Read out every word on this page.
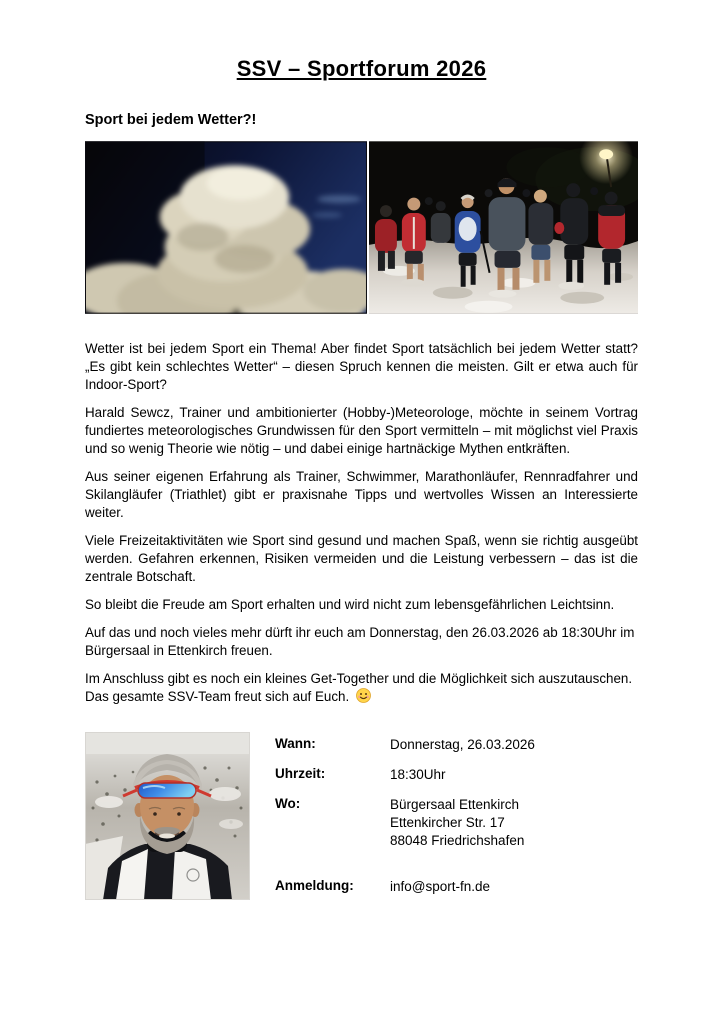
SSV – Sportforum 2026
Sport bei jedem Wetter?!

Wetter ist bei jedem Sport ein Thema! Aber findet Sport tatsächlich bei jedem Wetter statt? „Es gibt kein schlechtes Wetter“ – diesen Spruch kennen die meisten. Gilt er etwa auch für Indoor-Sport?

Harald Sewcz, Trainer und ambitionierter (Hobby-)Meteorologe, möchte in seinem Vortrag fundiertes meteorologisches Grundwissen für den Sport vermitteln – mit möglichst viel Praxis und so wenig Theorie wie nötig – und dabei einige hartnäckige Mythen entkräften.

Aus seiner eigenen Erfahrung als Trainer, Schwimmer, Marathonläufer, Rennradfahrer und Skilangläufer (Triathlet) gibt er praxisnahe Tipps und wertvolles Wissen an Interessierte weiter.

Viele Freizeitaktivitäten wie Sport sind gesund und machen Spaß, wenn sie richtig ausgeübt werden. Gefahren erkennen, Risiken vermeiden und die Leistung verbessern – das ist die zentrale Botschaft.

So bleibt die Freude am Sport erhalten und wird nicht zum lebensgefährlichen Leichtsinn.

Auf das und noch vieles mehr dürft ihr euch am Donnerstag, den 26.03.2026 ab 18:30Uhr im Bürgersaal in Ettenkirch freuen.

Im Anschluss gibt es noch ein kleines Get-Together und die Möglichkeit sich auszutauschen. Das gesamte SSV-Team freut sich auf Euch.

Wann:	Donnerstag, 26.03.2026
Uhrzeit:	18:30Uhr
Wo:	Bürgersaal Ettenkirch
Ettenkircher Str. 17
88048 Friedrichshafen
Anmeldung:	info@sport-fn.de
